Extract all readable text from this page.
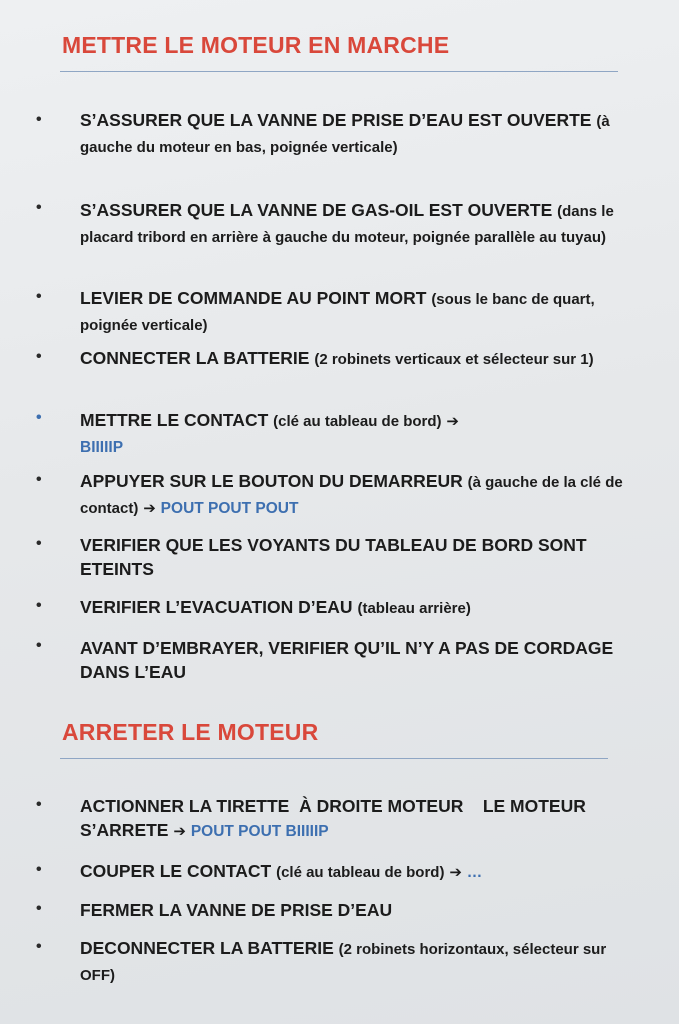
METTRE LE MOTEUR EN MARCHE
• S’ASSURER QUE LA VANNE DE PRISE D’EAU EST OUVERTE (à gauche du moteur en bas, poignée verticale)
• S’ASSURER QUE LA VANNE DE GAS-OIL EST OUVERTE (dans le placard tribord en arrière à gauche du moteur, poignée parallèle au tuyau)
• LEVIER DE COMMANDE AU POINT MORT (sous le banc de quart, poignée verticale)
• CONNECTER LA BATTERIE (2 robinets verticaux et sélecteur sur 1)
• METTRE LE CONTACT (clé au tableau de bord) ➔
BIIIIIP
• APPUYER SUR LE BOUTON DU DEMARREUR (à gauche de la clé de contact) ➔ POUT POUT POUT
• VERIFIER QUE LES VOYANTS DU TABLEAU DE BORD SONT ETEINTS
• VERIFIER L’EVACUATION D’EAU (tableau arrière)
• AVANT D’EMBRAYER, VERIFIER QU’IL N’Y A PAS DE CORDAGE DANS L’EAU
ARRETER LE MOTEUR
• ACTIONNER LA TIRETTE  À DROITE MOTEUR    LE MOTEUR S’ARRETE ➔ POUT POUT BIIIIIP
• COUPER LE CONTACT (clé au tableau de bord) ➔ …
• FERMER LA VANNE DE PRISE D’EAU
• DECONNECTER LA BATTERIE (2 robinets horizontaux, sélecteur sur OFF)
